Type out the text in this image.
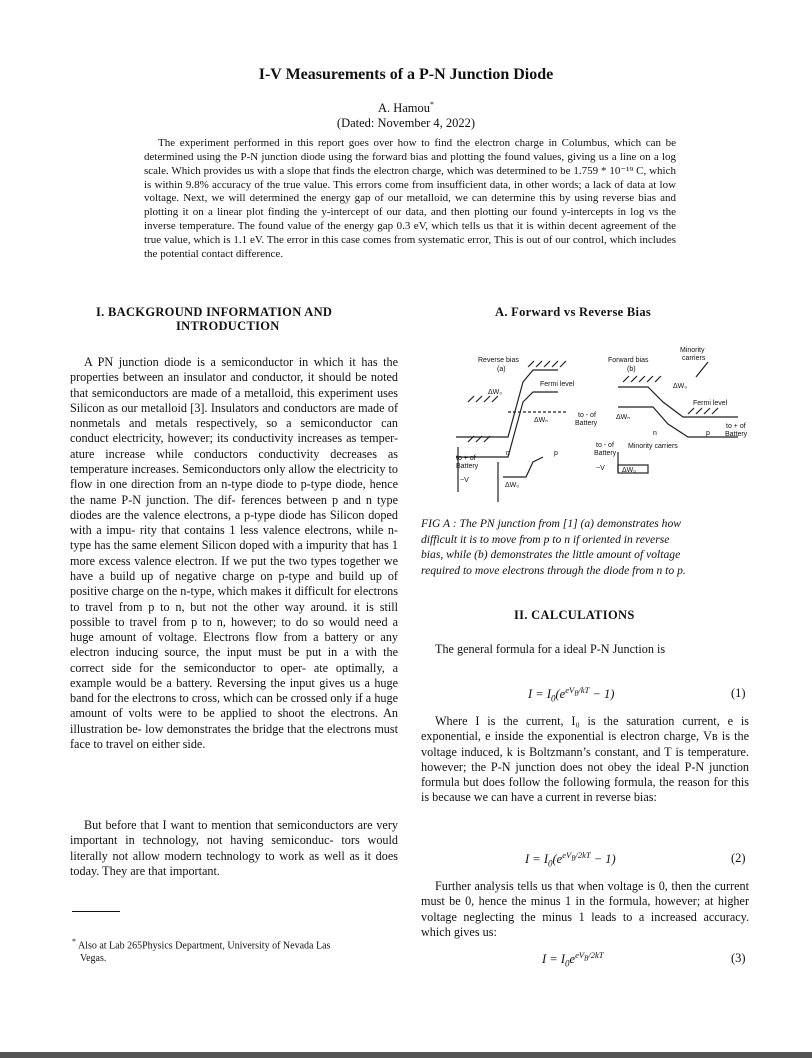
I-V Measurements of a P-N Junction Diode
A. Hamou*
(Dated: November 4, 2022)
The experiment performed in this report goes over how to find the electron charge in Columbus, which can be determined using the P-N junction diode using the forward bias and plotting the found values, giving us a line on a log scale. Which provides us with a slope that finds the electron charge, which was determined to be 1.759 * 10⁻¹⁹ C, which is within 9.8% accuracy of the true value. This errors come from insufficient data, in other words; a lack of data at low voltage. Next, we will determined the energy gap of our metalloid, we can determine this by using reverse bias and plotting it on a linear plot finding the y-intercept of our data, and then plotting our found y-intercepts in log vs the inverse temperature. The found value of the energy gap 0.3 eV, which tells us that it is within decent agreement of the true value, which is 1.1 eV. The error in this case comes from systematic error, This is out of our control, which includes the potential contact difference.
I. BACKGROUND INFORMATION AND
INTRODUCTION
A PN junction diode is a semiconductor in which it has the properties between an insulator and conductor, it should be noted that semiconductors are made of a metalloid, this experiment uses Silicon as our metalloid [3]. Insulators and conductors are made of nonmetals and metals respectively, so a semiconductor can conduct electricity, however; its conductivity increases as temper- ature increase while conductors conductivity decreases as temperature increases. Semiconductors only allow the electricity to flow in one direction from an n-type diode to p-type diode, hence the name P-N junction. The dif- ferences between p and n type diodes are the valence electrons, a p-type diode has Silicon doped with a impu- rity that contains 1 less valence electrons, while n-type has the same element Silicon doped with a impurity that has 1 more excess valence electron. If we put the two types together we have a build up of negative charge on p-type and build up of positive charge on the n-type, which makes it difficult for electrons to travel from p to n, but not the other way around. it is still possible to travel from p to n, however; to do so would need a huge amount of voltage. Electrons flow from a battery or any electron inducing source, the input must be put in a with the correct side for the semiconductor to oper- ate optimally, a example would be a battery. Reversing the input gives us a huge band for the electrons to cross, which can be crossed only if a huge amount of volts were to be applied to shoot the electrons. An illustration be- low demonstrates the bridge that the electrons must face to travel on either side.
But before that I want to mention that semiconductors are very important in technology, not having semiconduc- tors would literally not allow modern technology to work as well as it does today. They are that important.
* Also at Lab 265Physics Department, University of Nevada Las
Vegas.
A. Forward vs Reverse Bias
Reverse bias
(a)
Forward bias
(b)
Minority
carriers
Fermi level
Fermi level
ΔW₀
ΔW₀
ΔWₙ	ΔWₙ
to - of
Battery
to + of
Battery
to + of
Battery
to - of
Battery
Minority carriers
n	p
n	p
−V
−V
ΔW₀
ΔW₀
FIG A : The PN junction from [1] (a) demonstrates how
difficult it is to move from p to n if oriented in reverse
bias, while (b) demonstrates the little amount of voltage
required to move electrons through the diode from n to p.
II. CALCULATIONS
The general formula for a ideal P-N Junction is
$I = I_0(e^{eV_B/kT} - 1)$	(1)
Where I is the current, I₀ is the saturation current, e is exponential, e inside the exponential is electron charge, Vʙ is the voltage induced, k is Boltzmann’s constant, and T is temperature. however; the P-N junction does not obey the ideal P-N junction formula but does follow the following formula, the reason for this is because we can have a current in reverse bias:
$I = I_0(e^{eV_B/2kT} - 1)$	(2)
Further analysis tells us that when voltage is 0, then the current must be 0, hence the minus 1 in the formula, however; at higher voltage neglecting the minus 1 leads to a increased accuracy. which gives us:
$I = I_0e^{eV_B/2kT}$	(3)
